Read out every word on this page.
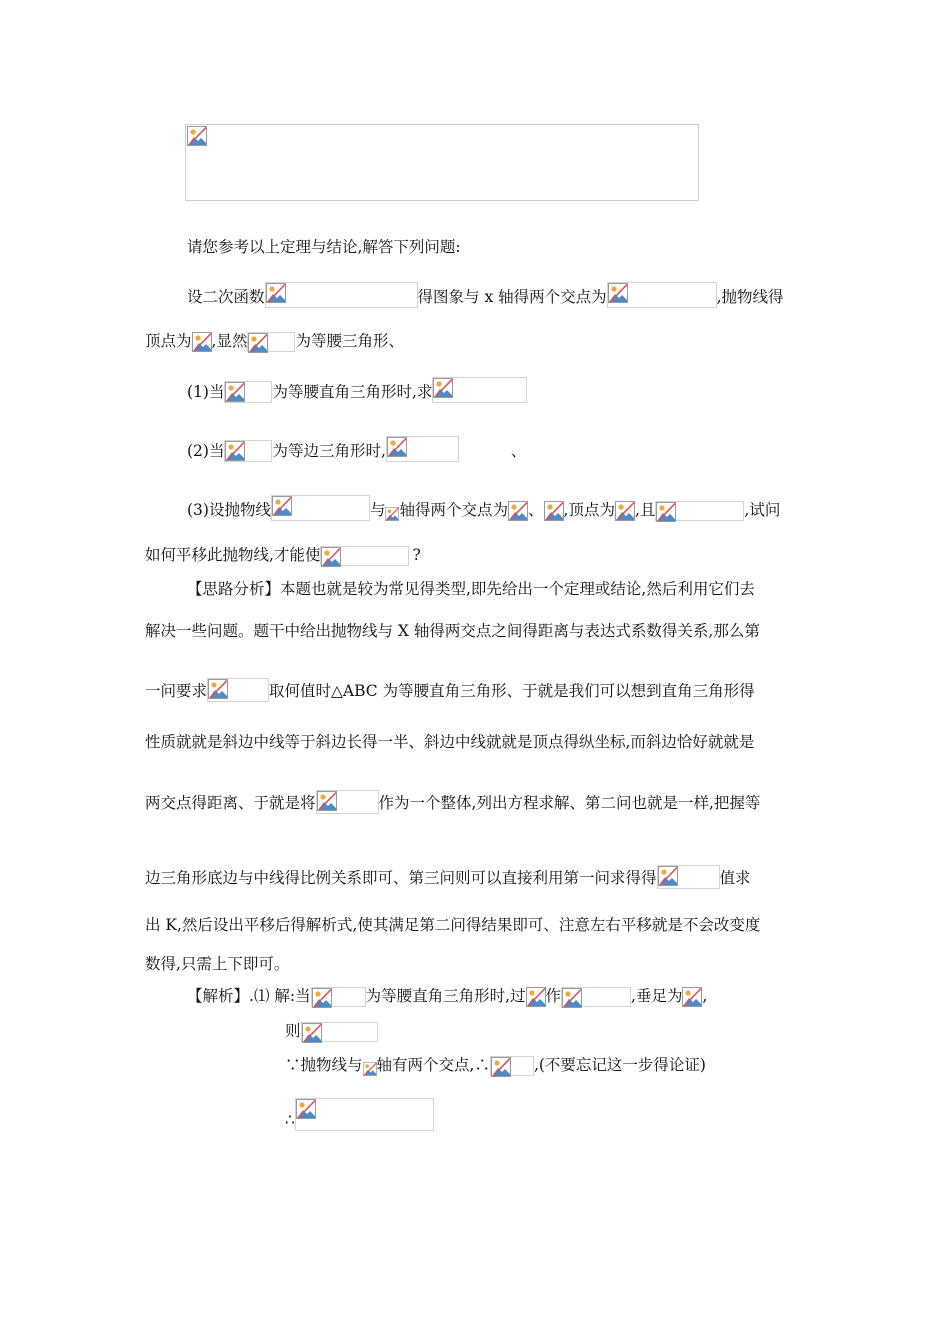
请您参考以上定理与结论,解答下列问题:
设二次函数	得图象与 x 轴得两个交点为	,抛物线得
顶点为 ,显然	为等腰三角形、
(1)当	为等腰直角三角形时,求
(2)当	为等边三角形时,	、
(3)设抛物线	与 轴得两个交点为 、 ,顶点为 ,且	,试问
如何平移此抛物线,才能使	?
【思路分析】本题也就是较为常见得类型,即先给出一个定理或结论,然后利用它们去
解决一些问题。题干中给出抛物线与 X 轴得两交点之间得距离与表达式系数得关系,那么第
一问要求	取何值时△ABC 为等腰直角三角形、于就是我们可以想到直角三角形得
性质就就是斜边中线等于斜边长得一半、斜边中线就就是顶点得纵坐标,而斜边恰好就就是
两交点得距离、于就是将	作为一个整体,列出方程求解、第二问也就是一样,把握等
边三角形底边与中线得比例关系即可、第三问则可以直接利用第一问求得得	值求
出 K,然后设出平移后得解析式,使其满足第二问得结果即可、注意左右平移就是不会改变度
数得,只需上下即可。
【解析】.⑴ 解:当	为等腰直角三角形时,过 作	,垂足为 ,
则
∵抛物线与 轴有两个交点,∴	,(不要忘记这一步得论证)
∴
